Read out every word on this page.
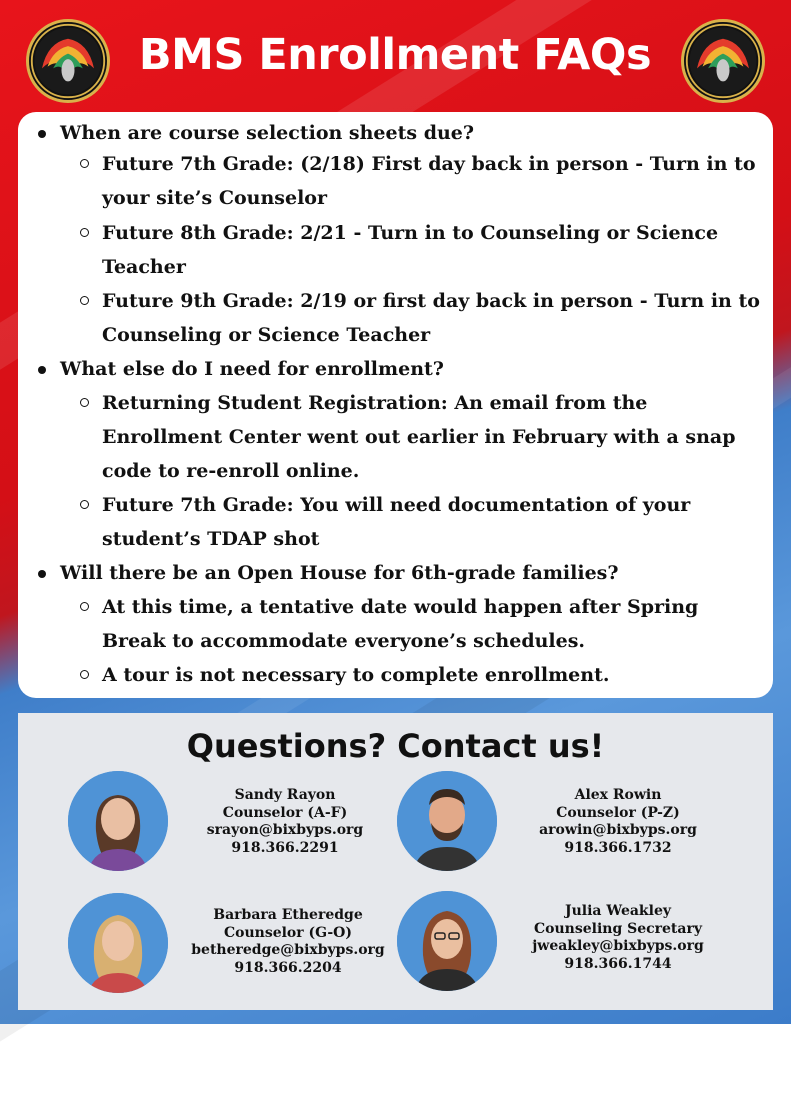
BMS Enrollment FAQs
When are course selection sheets due?
Future 7th Grade: (2/18) First day back in person - Turn in to your site’s Counselor
Future 8th Grade: 2/21 - Turn in to Counseling or Science Teacher
Future 9th Grade: 2/19 or first day back in person - Turn in to Counseling or Science Teacher
What else do I need for enrollment?
Returning Student Registration: An email from the Enrollment Center went out earlier in February with a snap code to re-enroll online.
Future 7th Grade: You will need documentation of your student’s TDAP shot
Will there be an Open House for 6th-grade families?
At this time, a tentative date would happen after Spring Break to accommodate everyone’s schedules.
A tour is not necessary to complete enrollment.
Questions? Contact us!
Sandy Rayon
Counselor (A-F)
srayon@bixbyps.org
918.366.2291
Alex Rowin
Counselor (P-Z)
arowin@bixbyps.org
918.366.1732
Barbara Etheredge
Counselor (G-O)
betheredge@bixbyps.org
918.366.2204
Julia Weakley
Counseling Secretary
jweakley@bixbyps.org
918.366.1744
